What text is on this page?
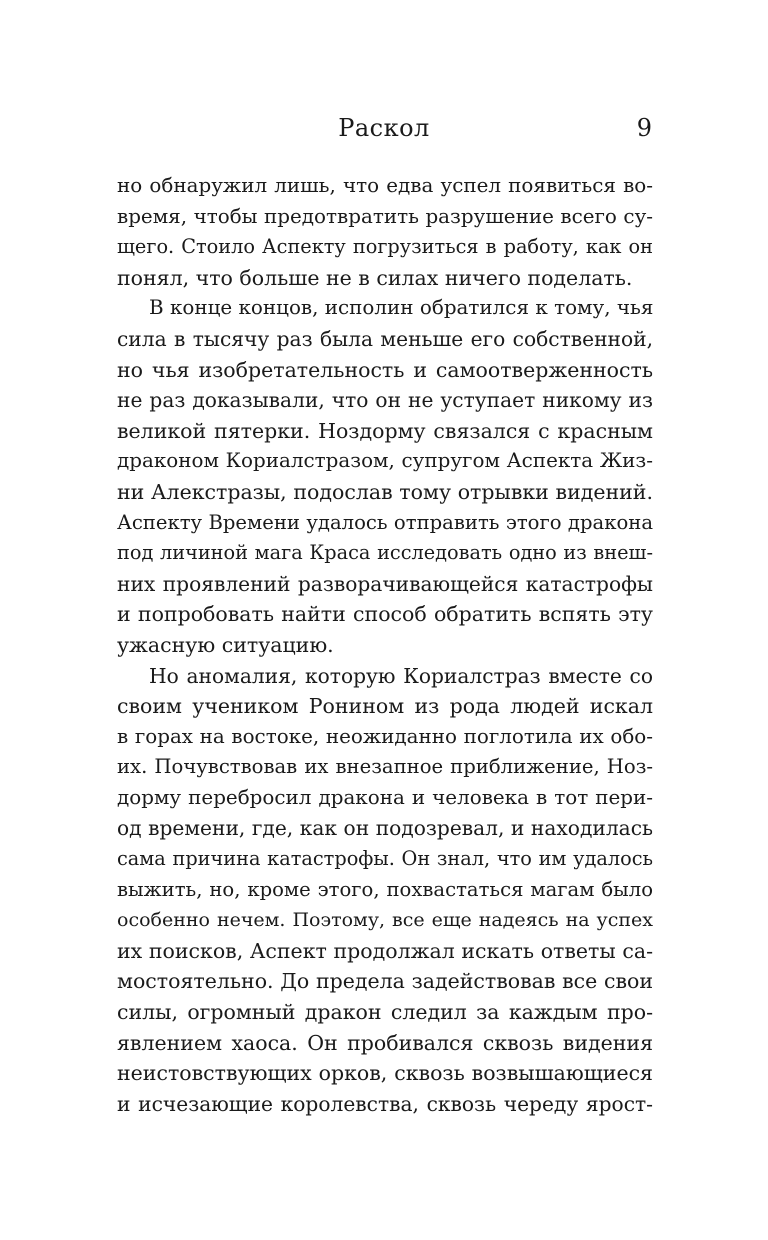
Раскол	9
но обнаружил лишь, что едва успел появиться во-
время, чтобы предотвратить разрушение всего су-
щего. Стоило Аспекту погрузиться в работу, как он
понял, что больше не в силах ничего поделать.
В конце концов, исполин обратился к тому, чья
сила в тысячу раз была меньше его собственной,
но чья изобретательность и самоотверженность
не раз доказывали, что он не уступает никому из
великой пятерки. Ноздорму связался с красным
драконом Кориалстразом, супругом Аспекта Жиз-
ни Алекстразы, подослав тому отрывки видений.
Аспекту Времени удалось отправить этого дракона
под личиной мага Краса исследовать одно из внеш-
них проявлений разворачивающейся катастрофы
и попробовать найти способ обратить вспять эту
ужасную ситуацию.
Но аномалия, которую Кориалстраз вместе со
своим учеником Ронином из рода людей искал
в горах на востоке, неожиданно поглотила их обо-
их. Почувствовав их внезапное приближение, Ноз-
дорму перебросил дракона и человека в тот пери-
од времени, где, как он подозревал, и находилась
сама причина катастрофы. Он знал, что им удалось
выжить, но, кроме этого, похвастаться магам было
особенно нечем. Поэтому, все еще надеясь на успех
их поисков, Аспект продолжал искать ответы са-
мостоятельно. До предела задействовав все свои
силы, огромный дракон следил за каждым про-
явлением хаоса. Он пробивался сквозь видения
неистовствующих орков, сквозь возвышающиеся
и исчезающие королевства, сквозь череду ярост-
